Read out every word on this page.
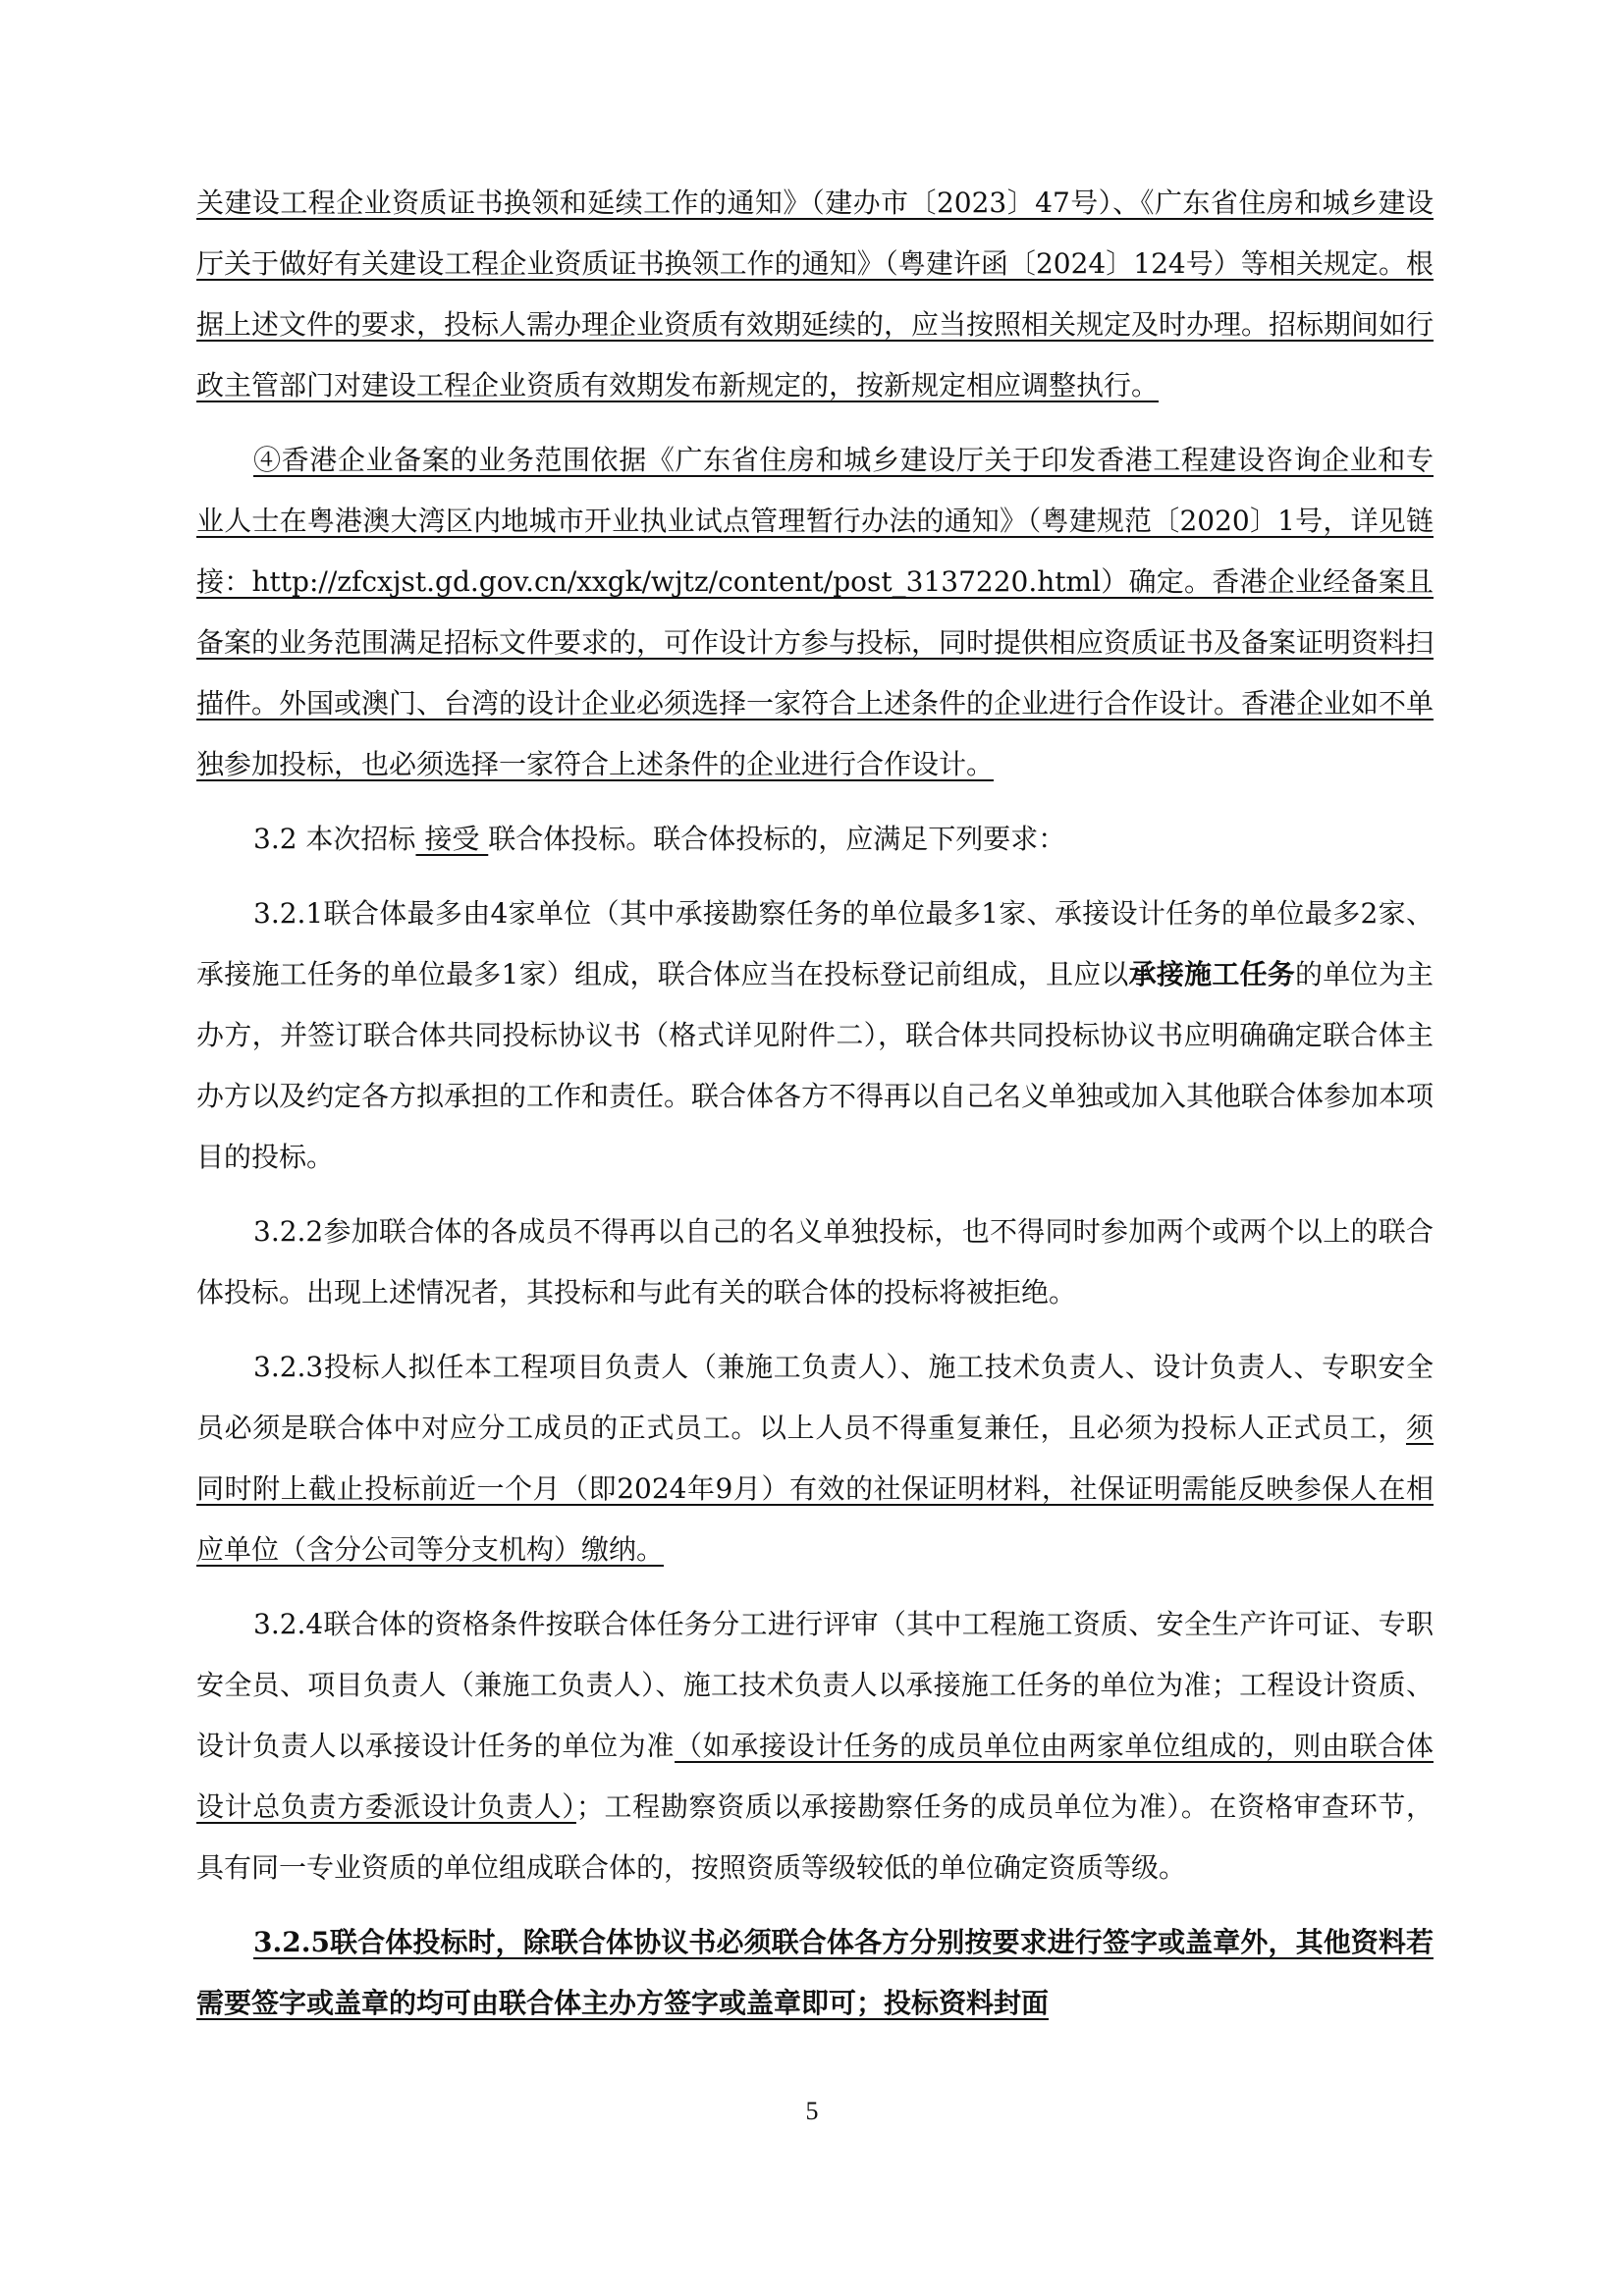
关建设工程企业资质证书换领和延续工作的通知》（建办市〔2023〕47号）、《广东省住房和城乡建设厅关于做好有关建设工程企业资质证书换领工作的通知》（粤建许函〔2024〕124号）等相关规定。根据上述文件的要求，投标人需办理企业资质有效期延续的，应当按照相关规定及时办理。招标期间如行政主管部门对建设工程企业资质有效期发布新规定的，按新规定相应调整执行。

④香港企业备案的业务范围依据《广东省住房和城乡建设厅关于印发香港工程建设咨询企业和专业人士在粤港澳大湾区内地城市开业执业试点管理暂行办法的通知》（粤建规范〔2020〕1号，详见链接：http://zfcxjst.gd.gov.cn/xxgk/wjtz/content/post_3137220.html）确定。香港企业经备案且备案的业务范围满足招标文件要求的，可作设计方参与投标，同时提供相应资质证书及备案证明资料扫描件。外国或澳门、台湾的设计企业必须选择一家符合上述条件的企业进行合作设计。香港企业如不单独参加投标，也必须选择一家符合上述条件的企业进行合作设计。

3.2 本次招标 接受 联合体投标。联合体投标的，应满足下列要求：

3.2.1联合体最多由4家单位（其中承接勘察任务的单位最多1家、承接设计任务的单位最多2家、承接施工任务的单位最多1家）组成，联合体应当在投标登记前组成，且应以承接施工任务的单位为主办方，并签订联合体共同投标协议书（格式详见附件二），联合体共同投标协议书应明确确定联合体主办方以及约定各方拟承担的工作和责任。联合体各方不得再以自己名义单独或加入其他联合体参加本项目的投标。

3.2.2参加联合体的各成员不得再以自己的名义单独投标，也不得同时参加两个或两个以上的联合体投标。出现上述情况者，其投标和与此有关的联合体的投标将被拒绝。

3.2.3投标人拟任本工程项目负责人（兼施工负责人）、施工技术负责人、设计负责人、专职安全员必须是联合体中对应分工成员的正式员工。以上人员不得重复兼任，且必须为投标人正式员工，须同时附上截止投标前近一个月（即2024年9月）有效的社保证明材料，社保证明需能反映参保人在相应单位（含分公司等分支机构）缴纳。

3.2.4联合体的资格条件按联合体任务分工进行评审（其中工程施工资质、安全生产许可证、专职安全员、项目负责人（兼施工负责人）、施工技术负责人以承接施工任务的单位为准；工程设计资质、设计负责人以承接设计任务的单位为准（如承接设计任务的成员单位由两家单位组成的，则由联合体设计总负责方委派设计负责人）；工程勘察资质以承接勘察任务的成员单位为准）。在资格审查环节，具有同一专业资质的单位组成联合体的，按照资质等级较低的单位确定资质等级。

3.2.5联合体投标时，除联合体协议书必须联合体各方分别按要求进行签字或盖章外，其他资料若需要签字或盖章的均可由联合体主办方签字或盖章即可；投标资料封面

5
